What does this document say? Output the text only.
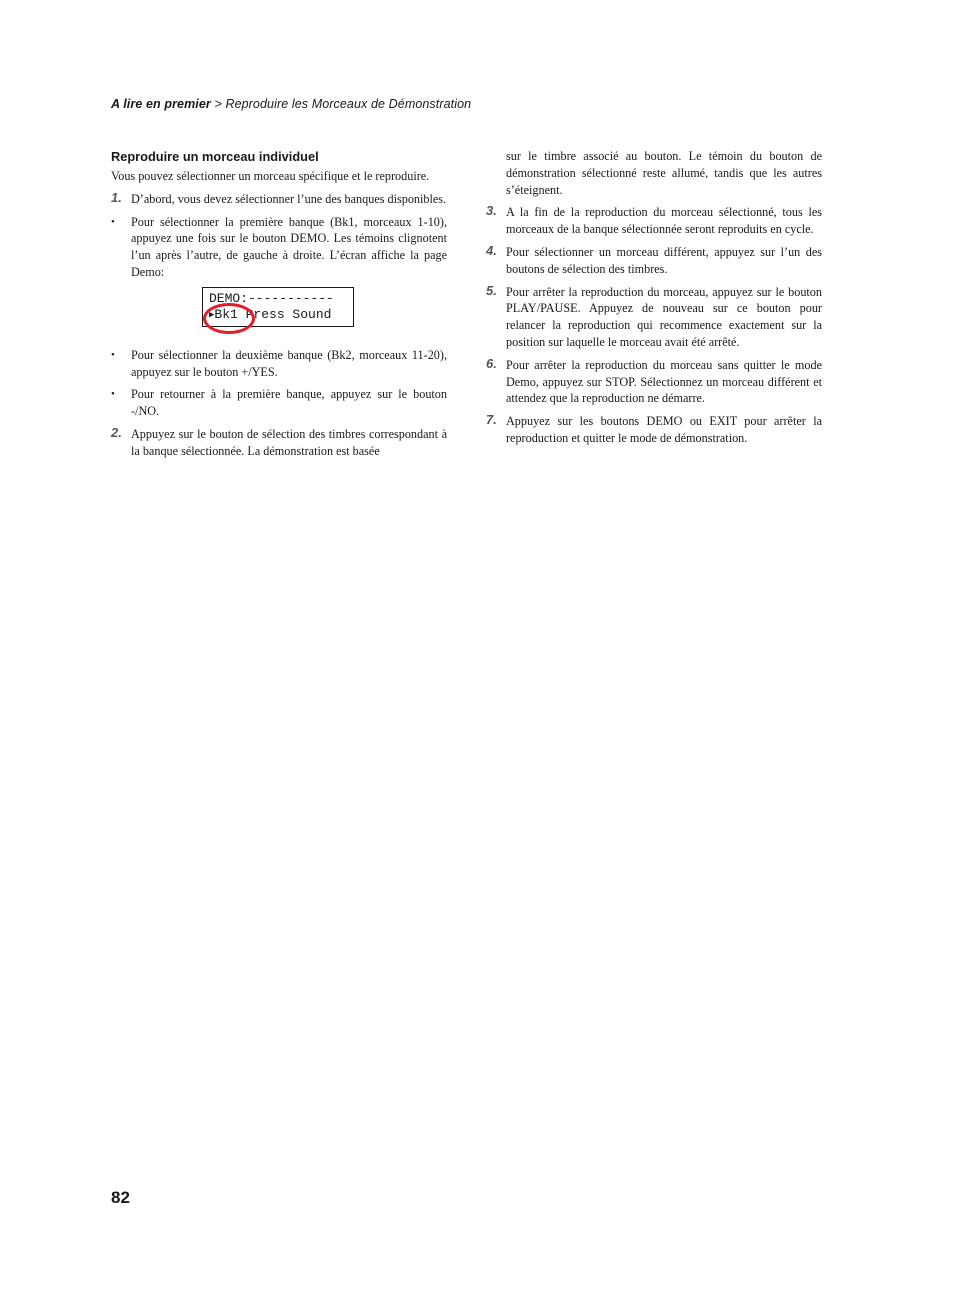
A lire en premier > Reproduire les Morceaux de Démonstration
Reproduire un morceau individuel

Vous pouvez sélectionner un morceau spécifique et le reproduire.

1. D’abord, vous devez sélectionner l’une des banques disponibles.
• Pour sélectionner la première banque (Bk1, morceaux 1-10), appuyez une fois sur le bouton DEMO. Les témoins clignotent l’un après l’autre, de gauche à droite. L’écran affiche la page Demo:
DEMO:-----------
▶Bk1 Press Sound
• Pour sélectionner la deuxième banque (Bk2, morceaux 11-20), appuyez sur le bouton +/YES.
• Pour retourner à la première banque, appuyez sur le bouton -/NO.
2. Appuyez sur le bouton de sélection des timbres correspondant à la banque sélectionnée. La démonstration est basée

sur le timbre associé au bouton. Le témoin du bouton de démonstration sélectionné reste allumé, tandis que les autres s’éteignent.

3. A la fin de la reproduction du morceau sélectionné, tous les morceaux de la banque sélectionnée seront reproduits en cycle.
4. Pour sélectionner un morceau différent, appuyez sur l’un des boutons de sélection des timbres.
5. Pour arrêter la reproduction du morceau, appuyez sur le bouton PLAY/PAUSE. Appuyez de nouveau sur ce bouton pour relancer la reproduction qui recommence exactement sur la position sur laquelle le morceau avait été arrêté.
6. Pour arrêter la reproduction du morceau sans quitter le mode Demo, appuyez sur STOP. Sélectionnez un morceau différent et attendez que la reproduction ne démarre.
7. Appuyez sur les boutons DEMO ou EXIT pour arrêter la reproduction et quitter le mode de démonstration.
82
